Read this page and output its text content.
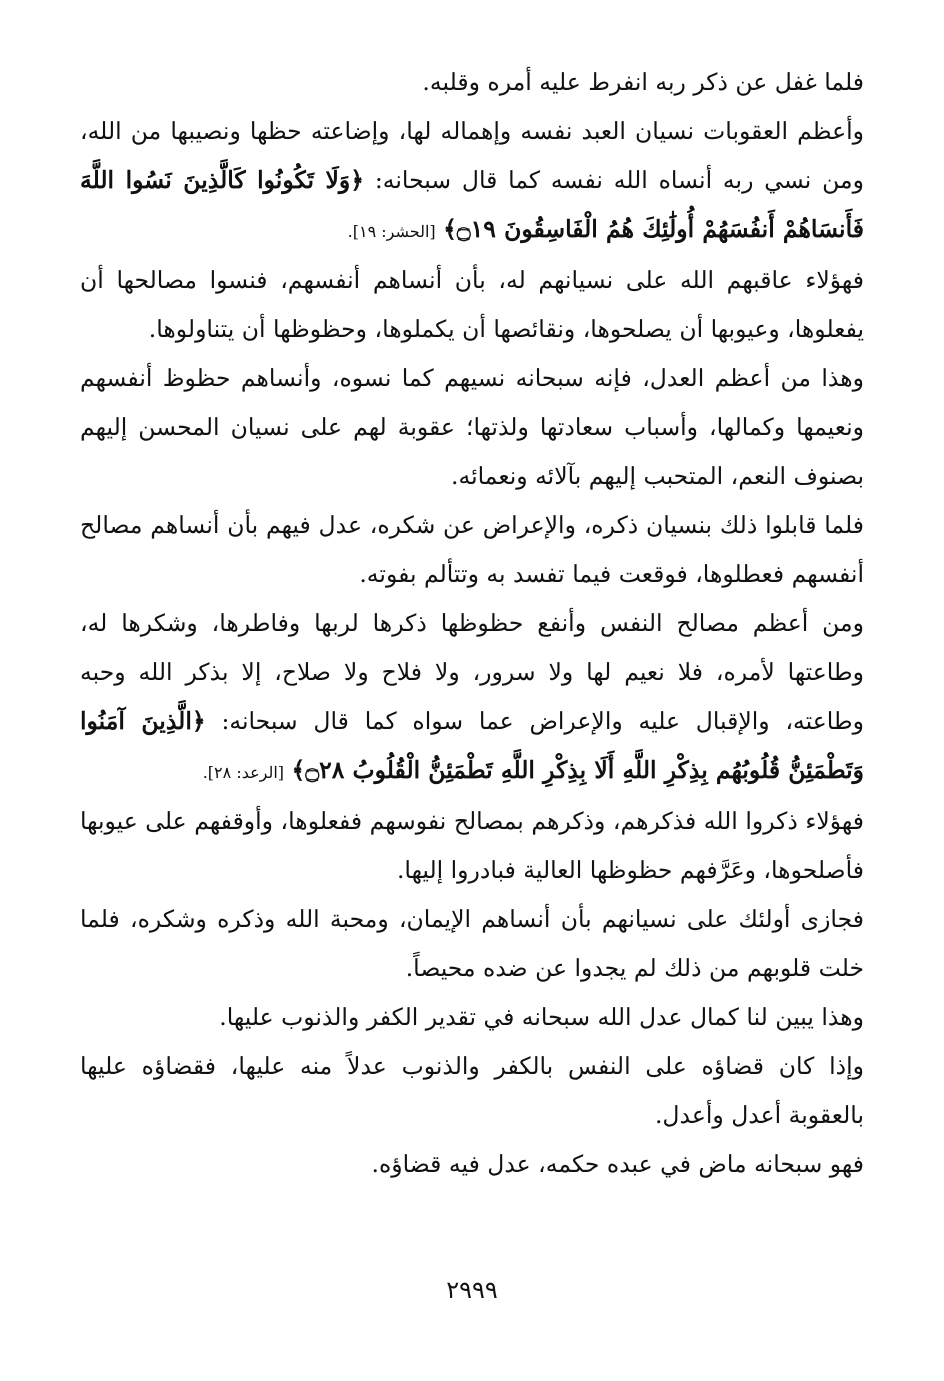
فلما غفل عن ذكر ربه انفرط عليه أمره وقلبه.

وأعظم العقوبات نسيان العبد نفسه وإهماله لها، وإضاعته حظها ونصيبها من الله، ومن نسي ربه أنساه الله نفسه كما قال سبحانه: ﴿وَلَا تَكُونُوا كَالَّذِينَ نَسُوا اللَّهَ فَأَنسَاهُمْ أَنفُسَهُمْ أُولَٰئِكَ هُمُ الْفَاسِقُونَ ۝١٩﴾ [الحشر: ١٩].

فهؤلاء عاقبهم الله على نسيانهم له، بأن أنساهم أنفسهم، فنسوا مصالحها أن يفعلوها، وعيوبها أن يصلحوها، ونقائصها أن يكملوها، وحظوظها أن يتناولوها.

وهذا من أعظم العدل، فإنه سبحانه نسيهم كما نسوه، وأنساهم حظوظ أنفسهم ونعيمها وكمالها، وأسباب سعادتها ولذتها؛ عقوبة لهم على نسيان المحسن إليهم بصنوف النعم، المتحبب إليهم بآلائه ونعمائه.

فلما قابلوا ذلك بنسيان ذكره، والإعراض عن شكره، عدل فيهم بأن أنساهم مصالح أنفسهم فعطلوها، فوقعت فيما تفسد به وتتألم بفوته.

ومن أعظم مصالح النفس وأنفع حظوظها ذكرها لربها وفاطرها، وشكرها له، وطاعتها لأمره، فلا نعيم لها ولا سرور، ولا فلاح ولا صلاح، إلا بذكر الله وحبه وطاعته، والإقبال عليه والإعراض عما سواه كما قال سبحانه: ﴿الَّذِينَ آمَنُوا وَتَطْمَئِنُّ قُلُوبُهُم بِذِكْرِ اللَّهِ أَلَا بِذِكْرِ اللَّهِ تَطْمَئِنُّ الْقُلُوبُ ۝٢٨﴾ [الرعد: ٢٨].

فهؤلاء ذكروا الله فذكرهم، وذكرهم بمصالح نفوسهم ففعلوها، وأوقفهم على عيوبها فأصلحوها، وعَرَّفهم حظوظها العالية فبادروا إليها.

فجازى أولئك على نسيانهم بأن أنساهم الإيمان، ومحبة الله وذكره وشكره، فلما خلت قلوبهم من ذلك لم يجدوا عن ضده محيصاً.

وهذا يبين لنا كمال عدل الله سبحانه في تقدير الكفر والذنوب عليها.

وإذا كان قضاؤه على النفس بالكفر والذنوب عدلاً منه عليها، فقضاؤه عليها بالعقوبة أعدل وأعدل.

فهو سبحانه ماض في عبده حكمه، عدل فيه قضاؤه.

٢٩٩٩
